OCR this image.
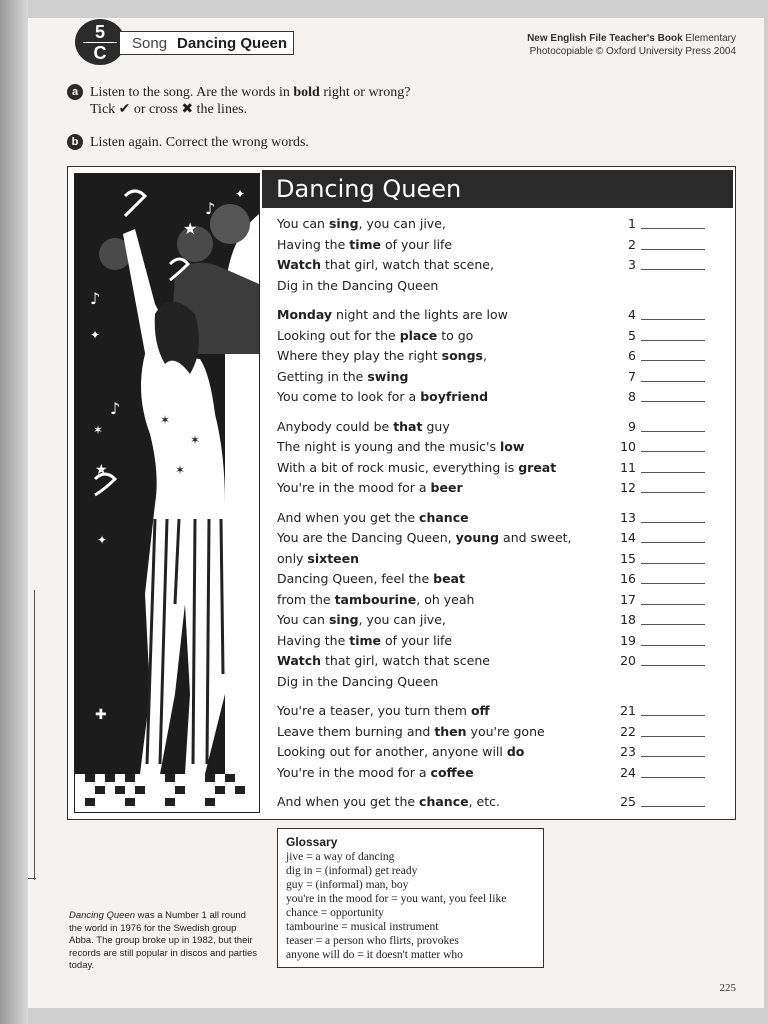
5
C Song Dancing Queen	New English File Teacher's Book Elementary
Photocopiable © Oxford University Press 2004
a Listen to the song. Are the words in bold right or wrong?
Tick ✔ or cross ✖ the lines.
b Listen again. Correct the wrong words.
★
✦
✦
✶
★
✦
✚
✚
✚
♪
♪
♪
✶
✶
✶
Dancing Queen
You can sing, you can jive,	1
Having the time of your life	2
Watch that girl, watch that scene,	3
Dig in the Dancing Queen
Monday night and the lights are low	4
Looking out for the place to go	5
Where they play the right songs,	6
Getting in the swing	7
You come to look for a boyfriend	8
Anybody could be that guy	9
The night is young and the music's low	10
With a bit of rock music, everything is great	11
You're in the mood for a beer	12
And when you get the chance	13
You are the Dancing Queen, young and sweet,	14
only sixteen	15
Dancing Queen, feel the beat	16
from the tambourine, oh yeah	17
You can sing, you can jive,	18
Having the time of your life	19
Watch that girl, watch that scene	20
Dig in the Dancing Queen
You're a teaser, you turn them off	21
Leave them burning and then you're gone	22
Looking out for another, anyone will do	23
You're in the mood for a coffee	24
And when you get the chance, etc.	25
Glossary
jive = a way of dancing
dig in = (informal) get ready
guy = (informal) man, boy
you're in the mood for = you want, you feel like
chance = opportunity
tambourine = musical instrument
teaser = a person who flirts, provokes
anyone will do = it doesn't matter who
Dancing Queen was a Number 1 all round the world in 1976 for the Swedish group Abba. The group broke up in 1982, but their records are still popular in discos and parties today.
225
